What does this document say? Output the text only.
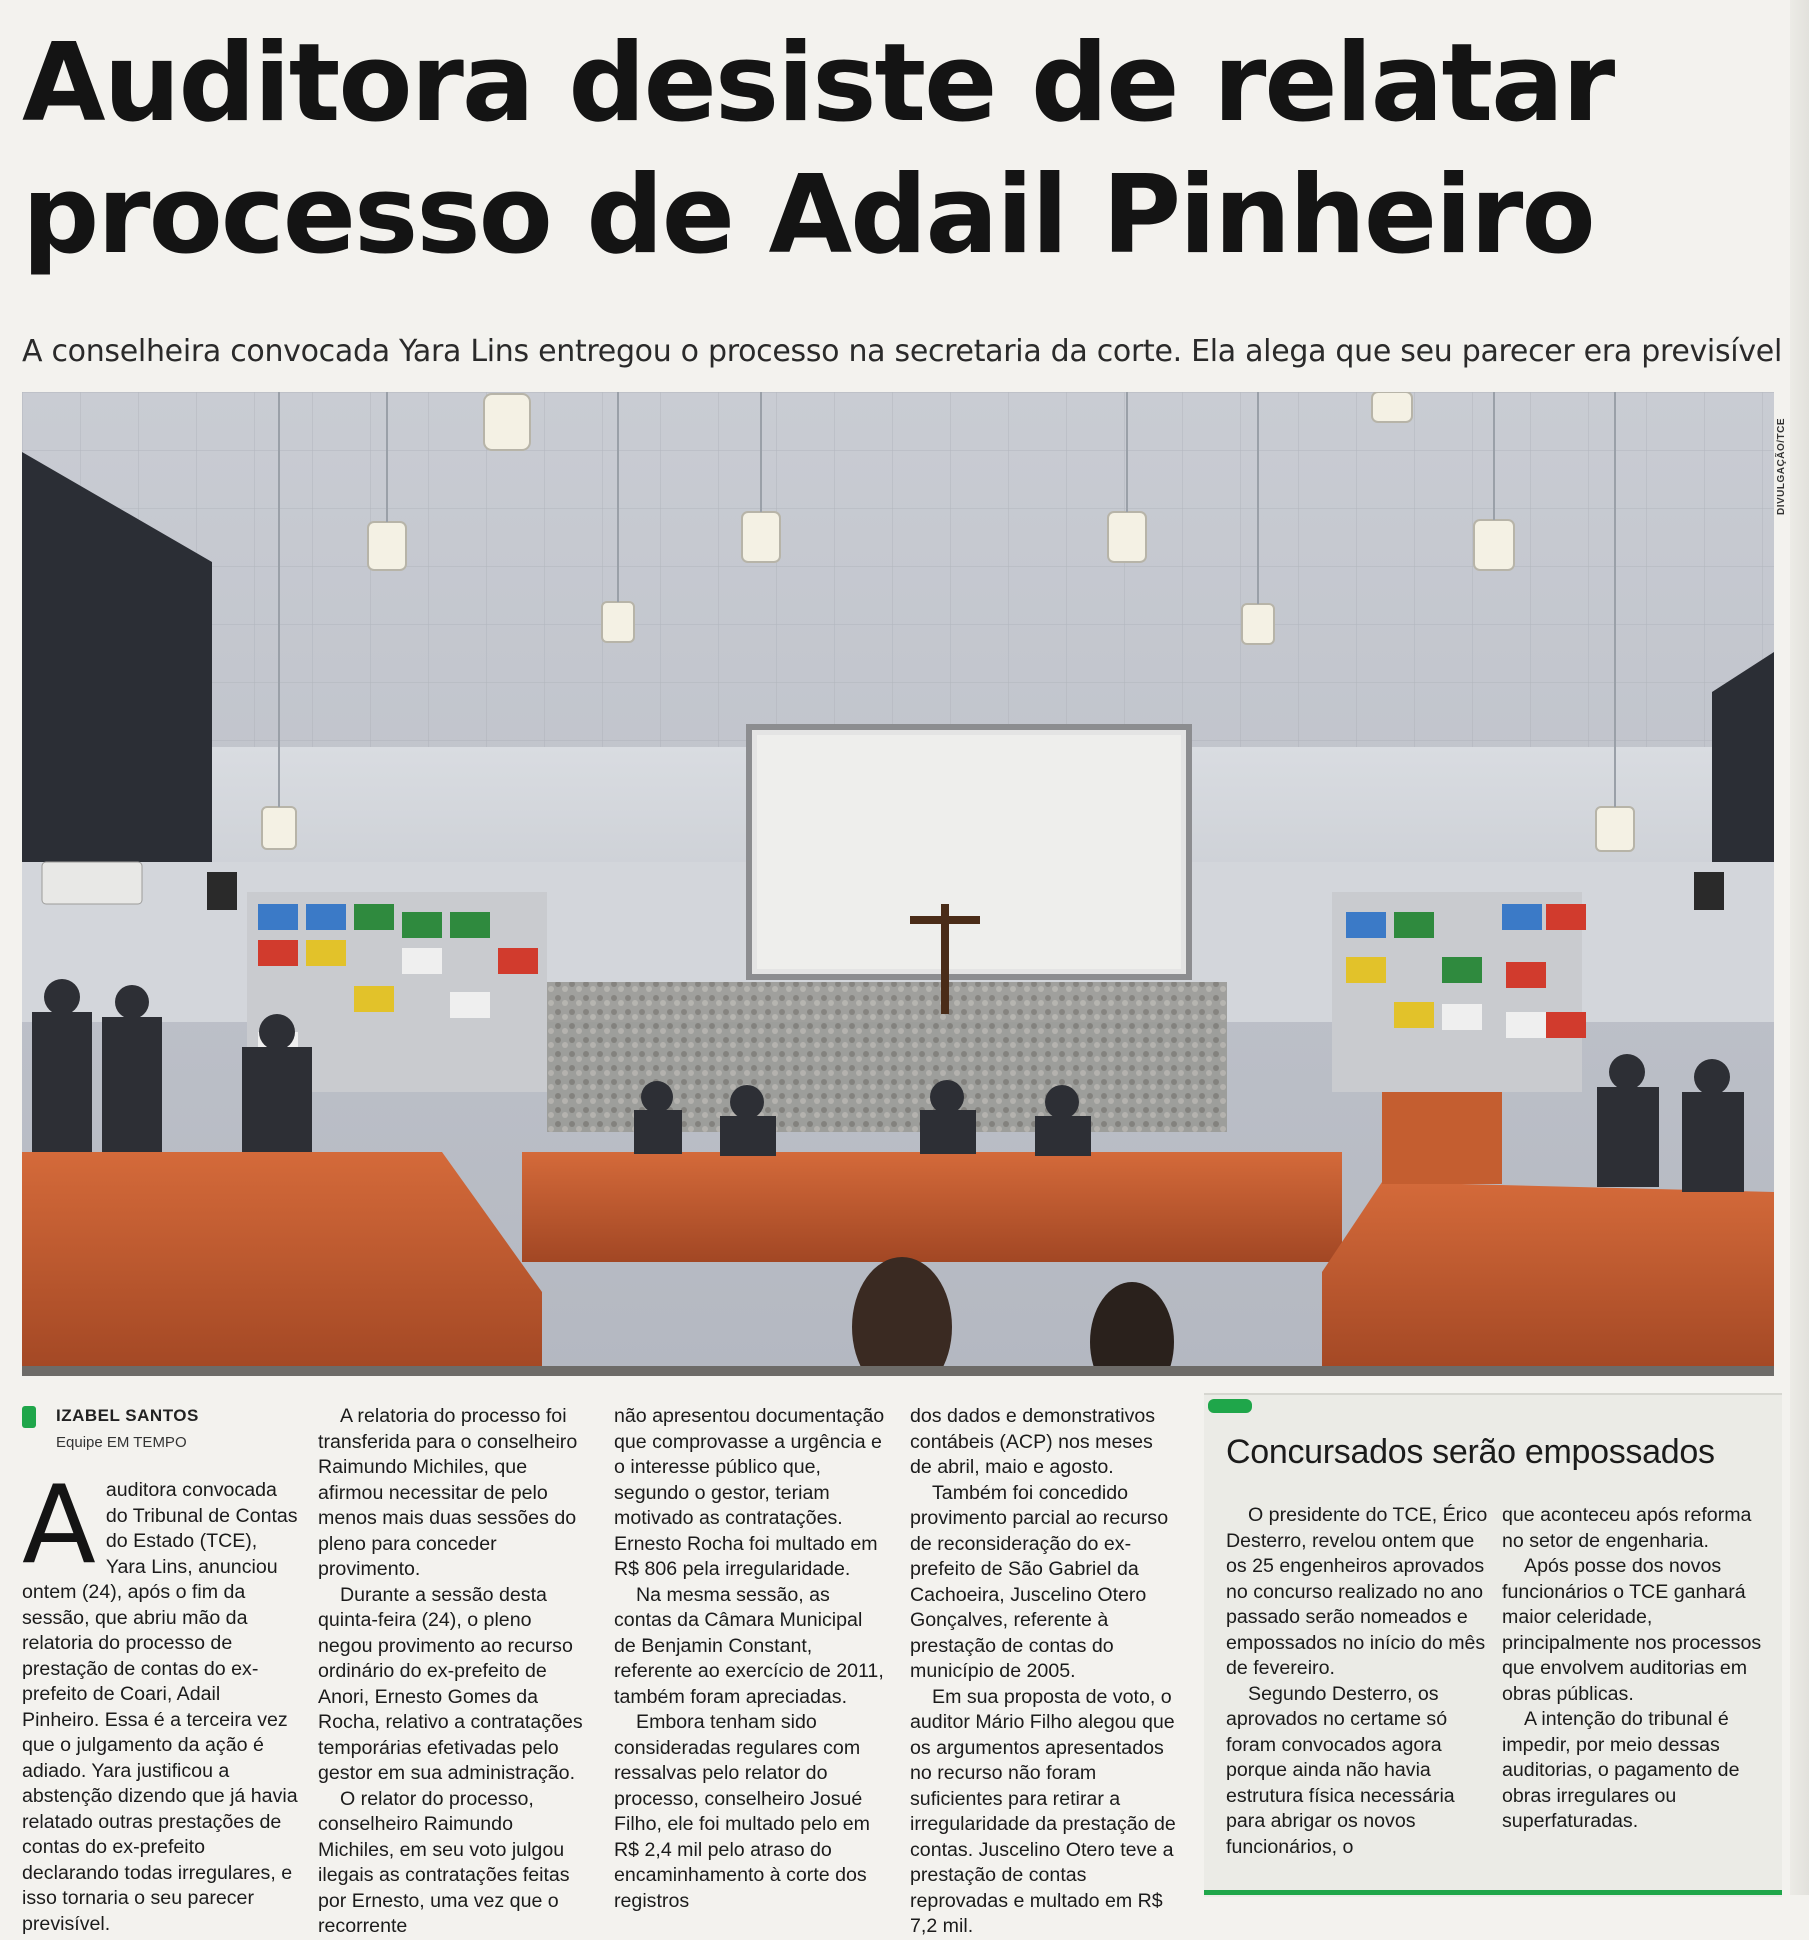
Auditora desiste de relatar
processo de Adail Pinheiro
A conselheira convocada Yara Lins entregou o processo na secretaria da corte. Ela alega que seu parecer era previsível
DIVULGAÇÃO/TCE
IZABEL SANTOS
Equipe EM TEMPO
A auditora convocada do Tribunal de Contas do Estado (TCE), Yara Lins, anunciou ontem (24), após o fim da sessão, que abriu mão da relatoria do processo de prestação de contas do ex-prefeito de Coari, Adail Pinheiro. Essa é a terceira vez que o julgamento da ação é adiado. Yara justificou a abstenção dizendo que já havia relatado outras prestações de contas do ex-prefeito declarando todas irregulares, e isso tornaria o seu parecer previsível.

A relatoria do processo foi transferida para o conselheiro Raimundo Michiles, que afirmou necessitar de pelo menos mais duas sessões do pleno para conceder provimento.

Durante a sessão desta quinta-feira (24), o pleno negou provimento ao recurso ordinário do ex-prefeito de Anori, Ernesto Gomes da Rocha, relativo a contratações temporárias efetivadas pelo gestor em sua administração.

O relator do processo, conselheiro Raimundo Michiles, em seu voto julgou ilegais as contratações feitas por Ernesto, uma vez que o recorrente

não apresentou documentação que comprovasse a urgência e o interesse público que, segundo o gestor, teriam motivado as contratações. Ernesto Rocha foi multado em R$ 806 pela irregularidade.

Na mesma sessão, as contas da Câmara Municipal de Benjamin Constant, referente ao exercício de 2011, também foram apreciadas.

Embora tenham sido consideradas regulares com ressalvas pelo relator do processo, conselheiro Josué Filho, ele foi multado pelo em R$ 2,4 mil pelo atraso do encaminhamento à corte dos registros

dos dados e demonstrativos contábeis (ACP) nos meses de abril, maio e agosto.

Também foi concedido provimento parcial ao recurso de reconsideração do ex-prefeito de São Gabriel da Cachoeira, Juscelino Otero Gonçalves, referente à prestação de contas do município de 2005.

Em sua proposta de voto, o auditor Mário Filho alegou que os argumentos apresentados no recurso não foram suficientes para retirar a irregularidade da prestação de contas. Juscelino Otero teve a prestação de contas reprovadas e multado em R$ 7,2 mil.

Concursados serão empossados

O presidente do TCE, Érico Desterro, revelou ontem que os 25 engenheiros aprovados no concurso realizado no ano passado serão nomeados e empossados no início do mês de fevereiro.

Segundo Desterro, os aprovados no certame só foram convocados agora porque ainda não havia estrutura física necessária para abrigar os novos funcionários, o

que aconteceu após reforma no setor de engenharia.

Após posse dos novos funcionários o TCE ganhará maior celeridade, principalmente nos processos que envolvem auditorias em obras públicas.

A intenção do tribunal é impedir, por meio dessas auditorias, o pagamento de obras irregulares ou superfaturadas.
